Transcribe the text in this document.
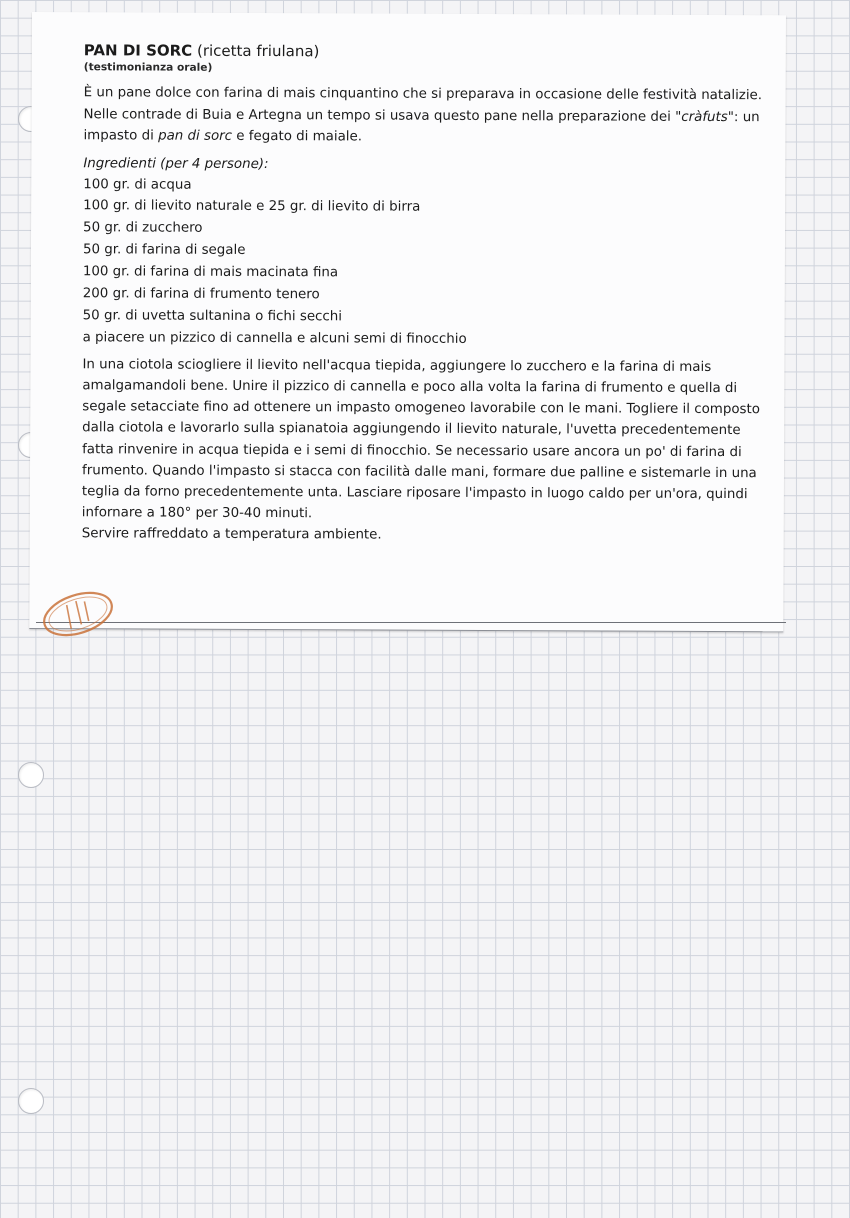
PAN DI SORC (ricetta friulana)

(testimonianza orale)

È un pane dolce con farina di mais cinquantino che si preparava in occasione delle festività natalizie. Nelle contrade di Buia e Artegna un tempo si usava questo pane nella preparazione dei "cràfuts": un impasto di pan di sorc e fegato di maiale.

Ingredienti (per 4 persone):

100 gr. di acqua
100 gr. di lievito naturale e 25 gr. di lievito di birra
50 gr. di zucchero
50 gr. di farina di segale
100 gr. di farina di mais macinata fina
200 gr. di farina di frumento tenero
50 gr. di uvetta sultanina o fichi secchi
a piacere un pizzico di cannella e alcuni semi di finocchio

In una ciotola sciogliere il lievito nell'acqua tiepida, aggiungere lo zucchero e la farina di mais amalgamandoli bene. Unire il pizzico di cannella e poco alla volta la farina di frumento e quella di segale setacciate fino ad ottenere un impasto omogeneo lavorabile con le mani. Togliere il composto dalla ciotola e lavorarlo sulla spianatoia aggiungendo il lievito naturale, l'uvetta precedentemente fatta rinvenire in acqua tiepida e i semi di finocchio. Se necessario usare ancora un po' di farina di frumento. Quando l'impasto si stacca con facilità dalle mani, formare due palline e sistemarle in una teglia da forno precedentemente unta. Lasciare riposare l'impasto in luogo caldo per un'ora, quindi infornare a 180° per 30-40 minuti.

Servire raffreddato a temperatura ambiente.
